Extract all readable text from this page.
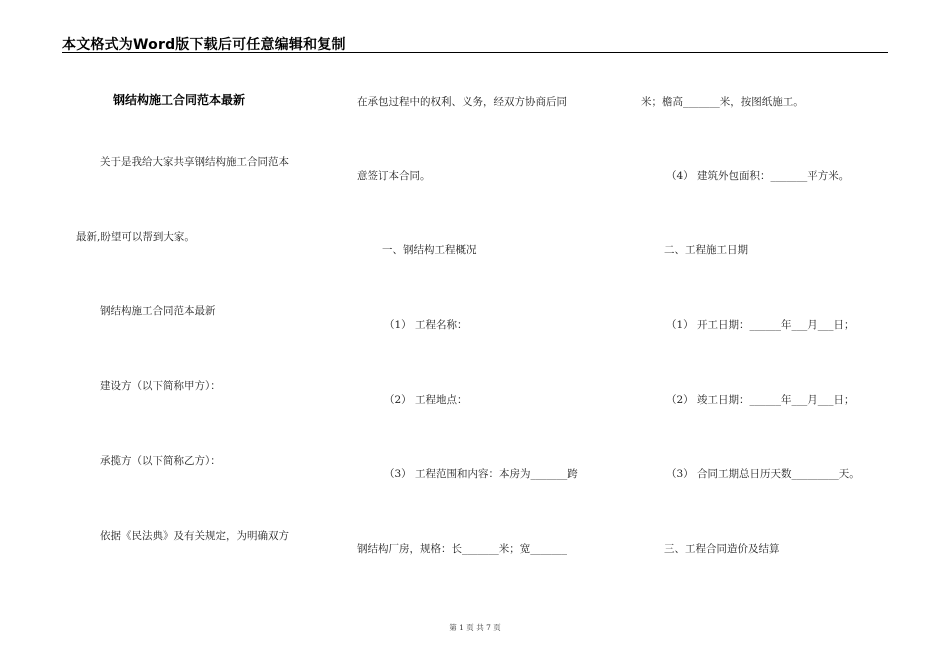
本文格式为Word版下载后可任意编辑和复制
钢结构施工合同范本最新
关于是我给大家共享钢结构施工合同范本
最新,盼望可以帮到大家。
钢结构施工合同范本最新
建设方（以下简称甲方）：
承揽方（以下简称乙方）：
依据《民法典》及有关规定，为明确双方
在承包过程中的权利、义务，经双方协商后同
意签订本合同。
一、钢结构工程概况
（1） 工程名称：
（2） 工程地点：
（3） 工程范围和内容：本房为_______跨
钢结构厂房，规格：长_______米；宽_______
米；檐高_______米，按图纸施工。
（4） 建筑外包面积：_______平方米。
二、工程施工日期
（1） 开工日期：______年___月___日；
（2） 竣工日期：______年___月___日；
（3） 合同工期总日历天数_________天。
三、工程合同造价及结算
第 1 页 共 7 页
